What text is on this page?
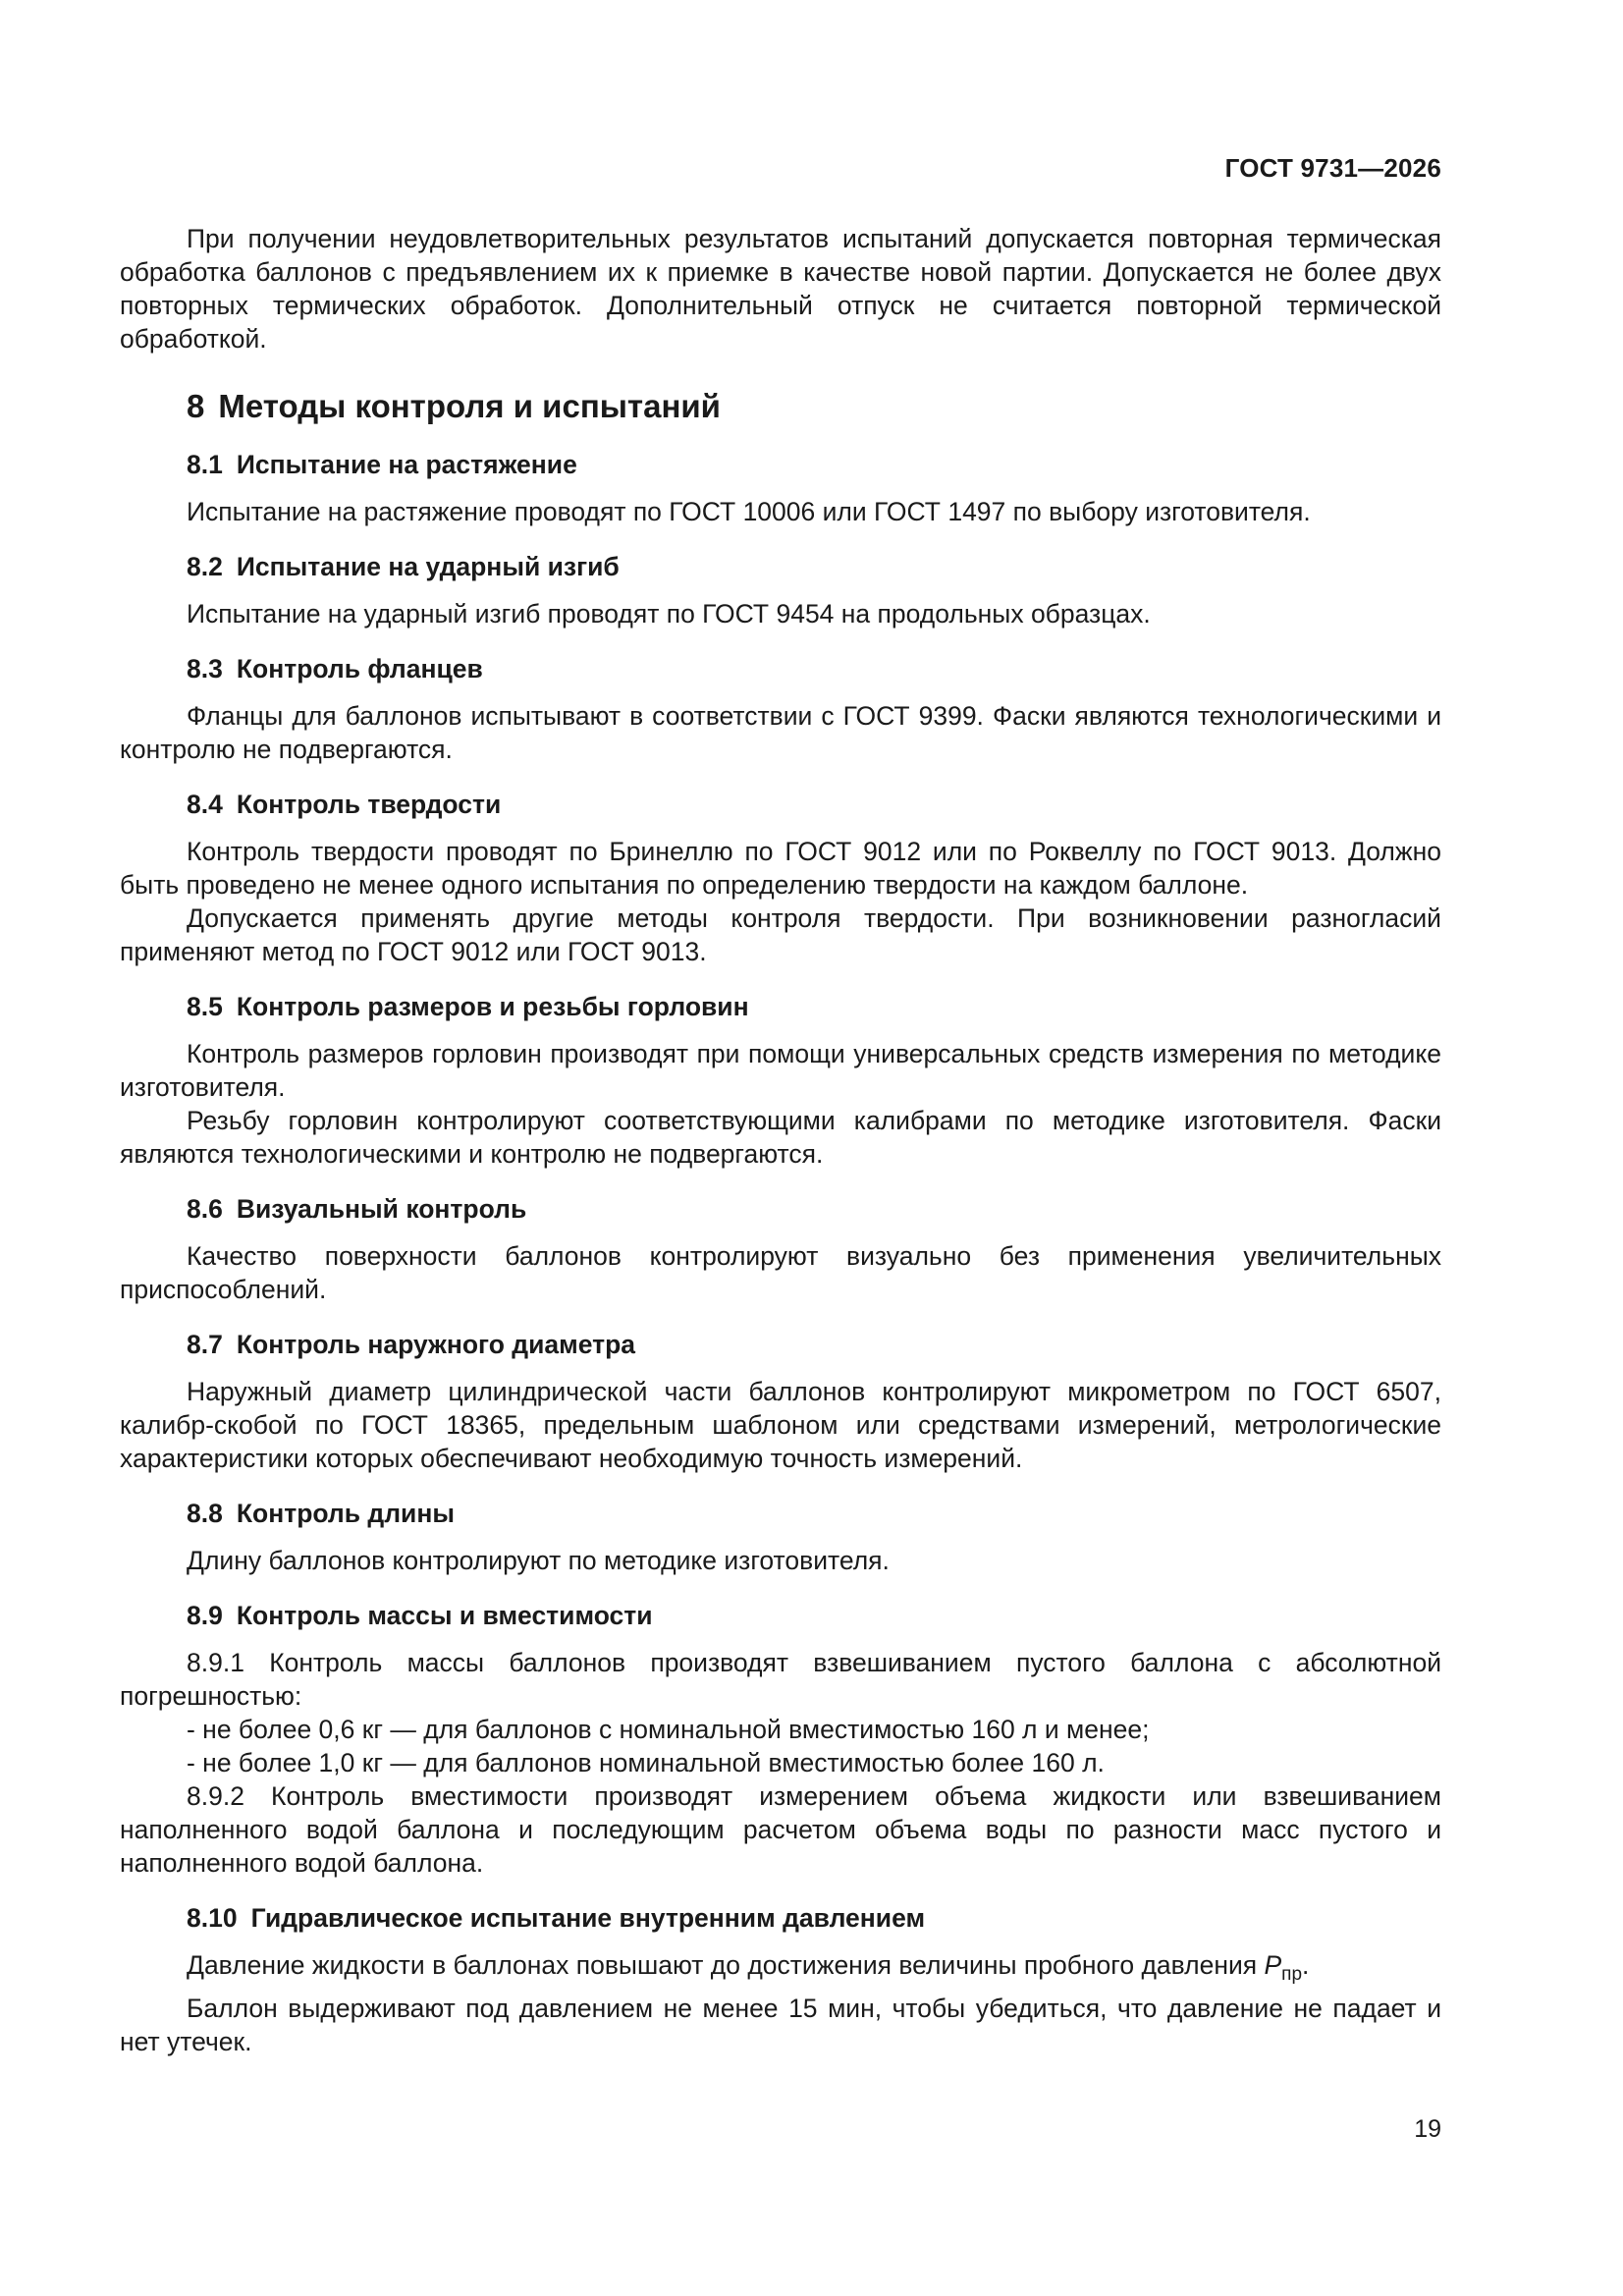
ГОСТ 9731—2026

При получении неудовлетворительных результатов испытаний допускается повторная термическая обработка баллонов с предъявлением их к приемке в качестве новой партии. Допускается не более двух повторных термических обработок. Дополнительный отпуск не считается повторной термической обработкой.

8 Методы контроля и испытаний
8.1 Испытание на растяжение

Испытание на растяжение проводят по ГОСТ 10006 или ГОСТ 1497 по выбору изготовителя.

8.2 Испытание на ударный изгиб

Испытание на ударный изгиб проводят по ГОСТ 9454 на продольных образцах.

8.3 Контроль фланцев

Фланцы для баллонов испытывают в соответствии с ГОСТ 9399. Фаски являются технологическими и контролю не подвергаются.

8.4 Контроль твердости

Контроль твердости проводят по Бринеллю по ГОСТ 9012 или по Роквеллу по ГОСТ 9013. Должно быть проведено не менее одного испытания по определению твердости на каждом баллоне.

Допускается применять другие методы контроля твердости. При возникновении разногласий применяют метод по ГОСТ 9012 или ГОСТ 9013.

8.5 Контроль размеров и резьбы горловин

Контроль размеров горловин производят при помощи универсальных средств измерения по методике изготовителя.

Резьбу горловин контролируют соответствующими калибрами по методике изготовителя. Фаски являются технологическими и контролю не подвергаются.

8.6 Визуальный контроль

Качество поверхности баллонов контролируют визуально без применения увеличительных приспособлений.

8.7 Контроль наружного диаметра

Наружный диаметр цилиндрической части баллонов контролируют микрометром по ГОСТ 6507, калибр-скобой по ГОСТ 18365, предельным шаблоном или средствами измерений, метрологические характеристики которых обеспечивают необходимую точность измерений.

8.8 Контроль длины

Длину баллонов контролируют по методике изготовителя.

8.9 Контроль массы и вместимости

8.9.1 Контроль массы баллонов производят взвешиванием пустого баллона с абсолютной погрешностью:

- не более 0,6 кг — для баллонов с номинальной вместимостью 160 л и менее;

- не более 1,0 кг — для баллонов номинальной вместимостью более 160 л.

8.9.2 Контроль вместимости производят измерением объема жидкости или взвешиванием наполненного водой баллона и последующим расчетом объема воды по разности масс пустого и наполненного водой баллона.

8.10 Гидравлическое испытание внутренним давлением

Давление жидкости в баллонах повышают до достижения величины пробного давления $P_{пр}$.

Баллон выдерживают под давлением не менее 15 мин, чтобы убедиться, что давление не падает и нет утечек.

19
